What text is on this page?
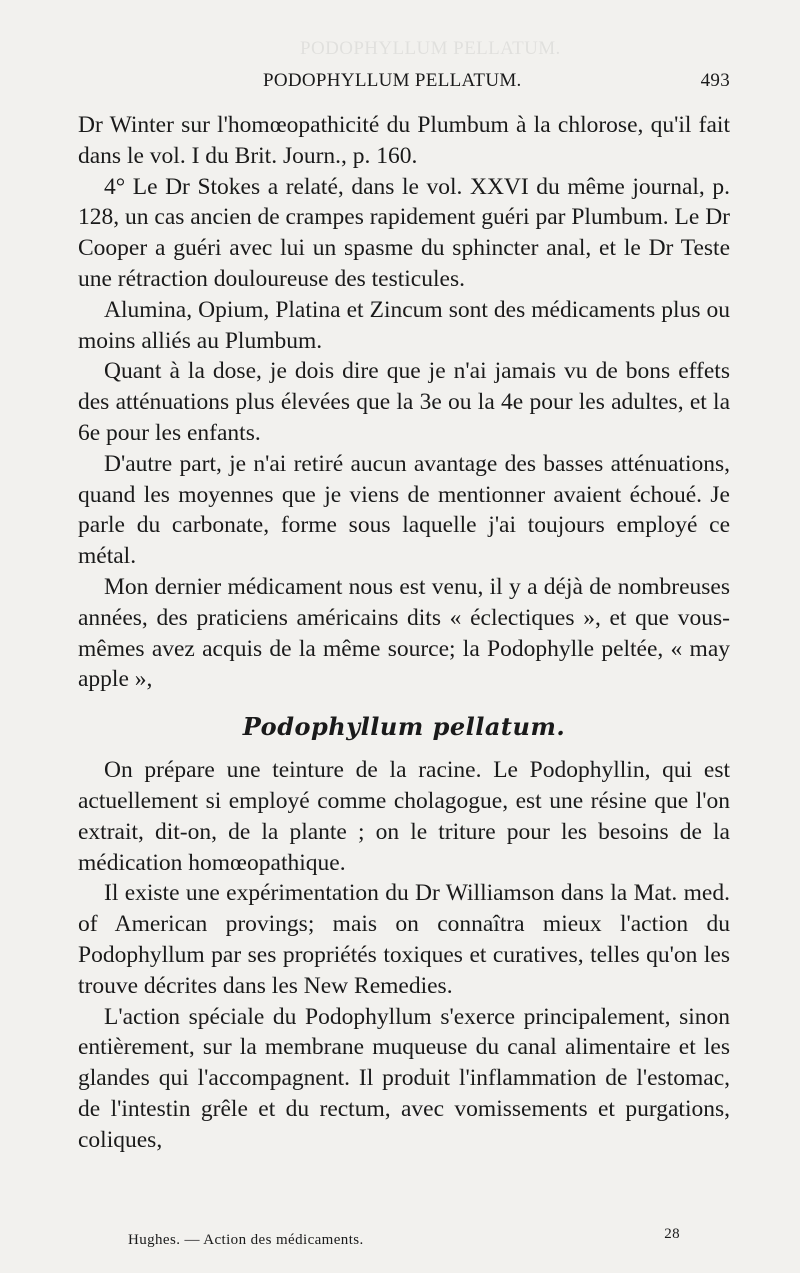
PODOPHYLLUM PELLATUM.
PODOPHYLLUM PELLATUM.	493

Dr Winter sur l'homœopathicité du Plumbum à la chlorose, qu'il fait dans le vol. I du Brit. Journ., p. 160.

4° Le Dr Stokes a relaté, dans le vol. XXVI du même journal, p. 128, un cas ancien de crampes rapidement guéri par Plumbum. Le Dr Cooper a guéri avec lui un spasme du sphincter anal, et le Dr Teste une rétraction douloureuse des testicules.

Alumina, Opium, Platina et Zincum sont des médicaments plus ou moins alliés au Plumbum.

Quant à la dose, je dois dire que je n'ai jamais vu de bons effets des atténuations plus élevées que la 3e ou la 4e pour les adultes, et la 6e pour les enfants.

D'autre part, je n'ai retiré aucun avantage des basses atténuations, quand les moyennes que je viens de mentionner avaient échoué. Je parle du carbonate, forme sous laquelle j'ai toujours employé ce métal.

Mon dernier médicament nous est venu, il y a déjà de nombreuses années, des praticiens américains dits « éclectiques », et que vous-mêmes avez acquis de la même source; la Podophylle peltée, « may apple »,

Podophyllum pellatum.

On prépare une teinture de la racine. Le Podophyllin, qui est actuellement si employé comme cholagogue, est une résine que l'on extrait, dit-on, de la plante ; on le triture pour les besoins de la médication homœopathique.

Il existe une expérimentation du Dr Williamson dans la Mat. med. of American provings; mais on connaîtra mieux l'action du Podophyllum par ses propriétés toxiques et curatives, telles qu'on les trouve décrites dans les New Remedies.

L'action spéciale du Podophyllum s'exerce principalement, sinon entièrement, sur la membrane muqueuse du canal alimentaire et les glandes qui l'accompagnent. Il produit l'inflammation de l'estomac, de l'intestin grêle et du rectum, avec vomissements et purgations, coliques,

Hughes. — Action des médicaments.	28
